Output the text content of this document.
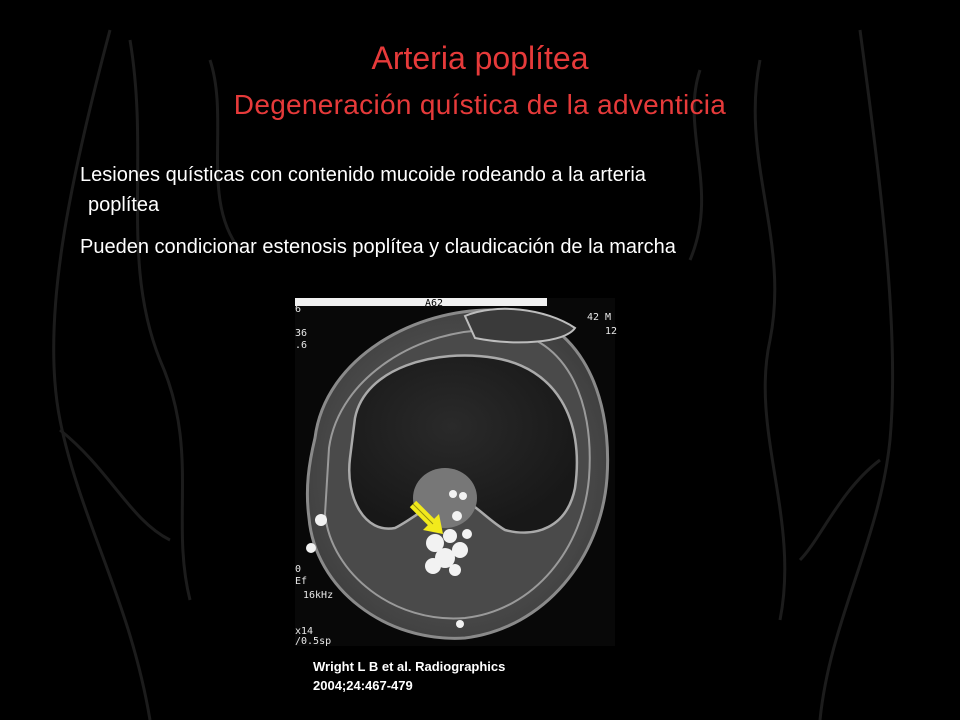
Arteria poplítea
Degeneración quística de la adventicia
Lesiones quísticas con contenido mucoide rodeando a la arteria
poplítea
Pueden condicionar estenosis poplítea y claudicación de la marcha
A62
6
36
.6
0
Ef
16kHz
x14
/0.5sp
42 M
12
Wright L B et al. Radiographics
2004;24:467-479
